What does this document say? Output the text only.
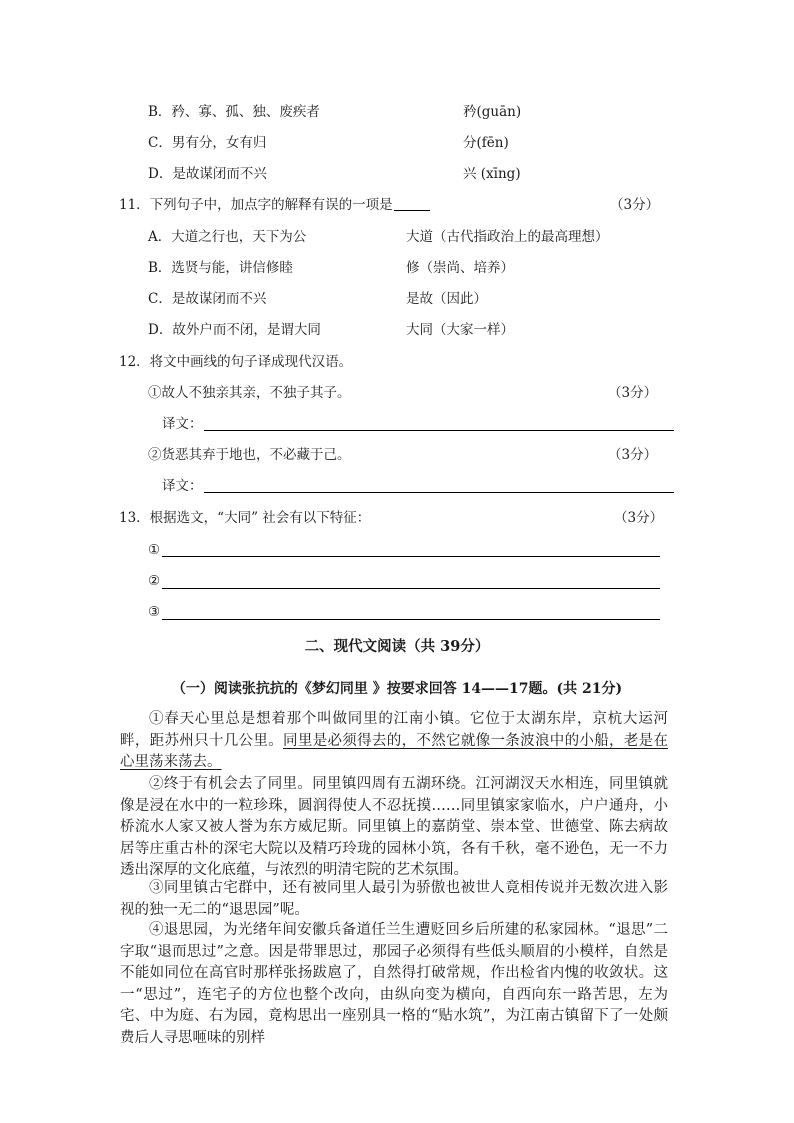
B．矜、寡、孤、独、废疾者	矜(guān)
C．男有分，女有归	分(fēn)
D．是故谋闭而不兴	兴 (xīng)
11．下列句子中，加点字的解释有误的一项是	（3分）
A．大道之行也，天下为公	大道（古代指政治上的最高理想）
B．选贤与能，讲信修睦	修（崇尚、培养）
C．是故谋闭而不兴	是故（因此）
D．故外户而不闭，是谓大同	大同（大家一样）
12．将文中画线的句子译成现代汉语。
①故人不独亲其亲，不独子其子。	（3分）
译文：
②货恶其弃于地也，不必藏于己。	（3分）
译文：
13．根据选文，“大同” 社会有以下特征：	（3分）
①
②
③
二、现代文阅读（共 39分）
（一）阅读张抗抗的《梦幻同里 》按要求回答 14——17题。(共 21分)

①春天心里总是想着那个叫做同里的江南小镇。它位于太湖东岸，京杭大运河畔，距苏州只十几公里。同里是必须得去的，不然它就像一条波浪中的小船，老是在心里荡来荡去。

②终于有机会去了同里。同里镇四周有五湖环绕。江河湖汊天水相连，同里镇就像是浸在水中的一粒珍珠，圆润得使人不忍抚摸……同里镇家家临水，户户通舟，小桥流水人家又被人誉为东方威尼斯。同里镇上的嘉荫堂、崇本堂、世德堂、陈去病故居等庄重古朴的深宅大院以及精巧玲珑的园林小筑，各有千秋，毫不逊色，无一不力透出深厚的文化底蕴，与浓烈的明清宅院的艺术氛围。

③同里镇古宅群中，还有被同里人最引为骄傲也被世人竟相传说并无数次进入影视的独一无二的“退思园”呢。

④退思园，为光绪年间安徽兵备道任兰生遭贬回乡后所建的私家园林。“退思”二字取“退而思过”之意。因是带罪思过，那园子必须得有些低头顺眉的小模样，自然是不能如同位在高官时那样张扬跋扈了，自然得打破常规，作出检省内愧的收敛状。这一“思过”，连宅子的方位也整个改向，由纵向变为横向，自西向东一路苦思，左为宅、中为庭、右为园，竟构思出一座别具一格的“贴水筑”，为江南古镇留下了一处颇费后人寻思咂味的别样
